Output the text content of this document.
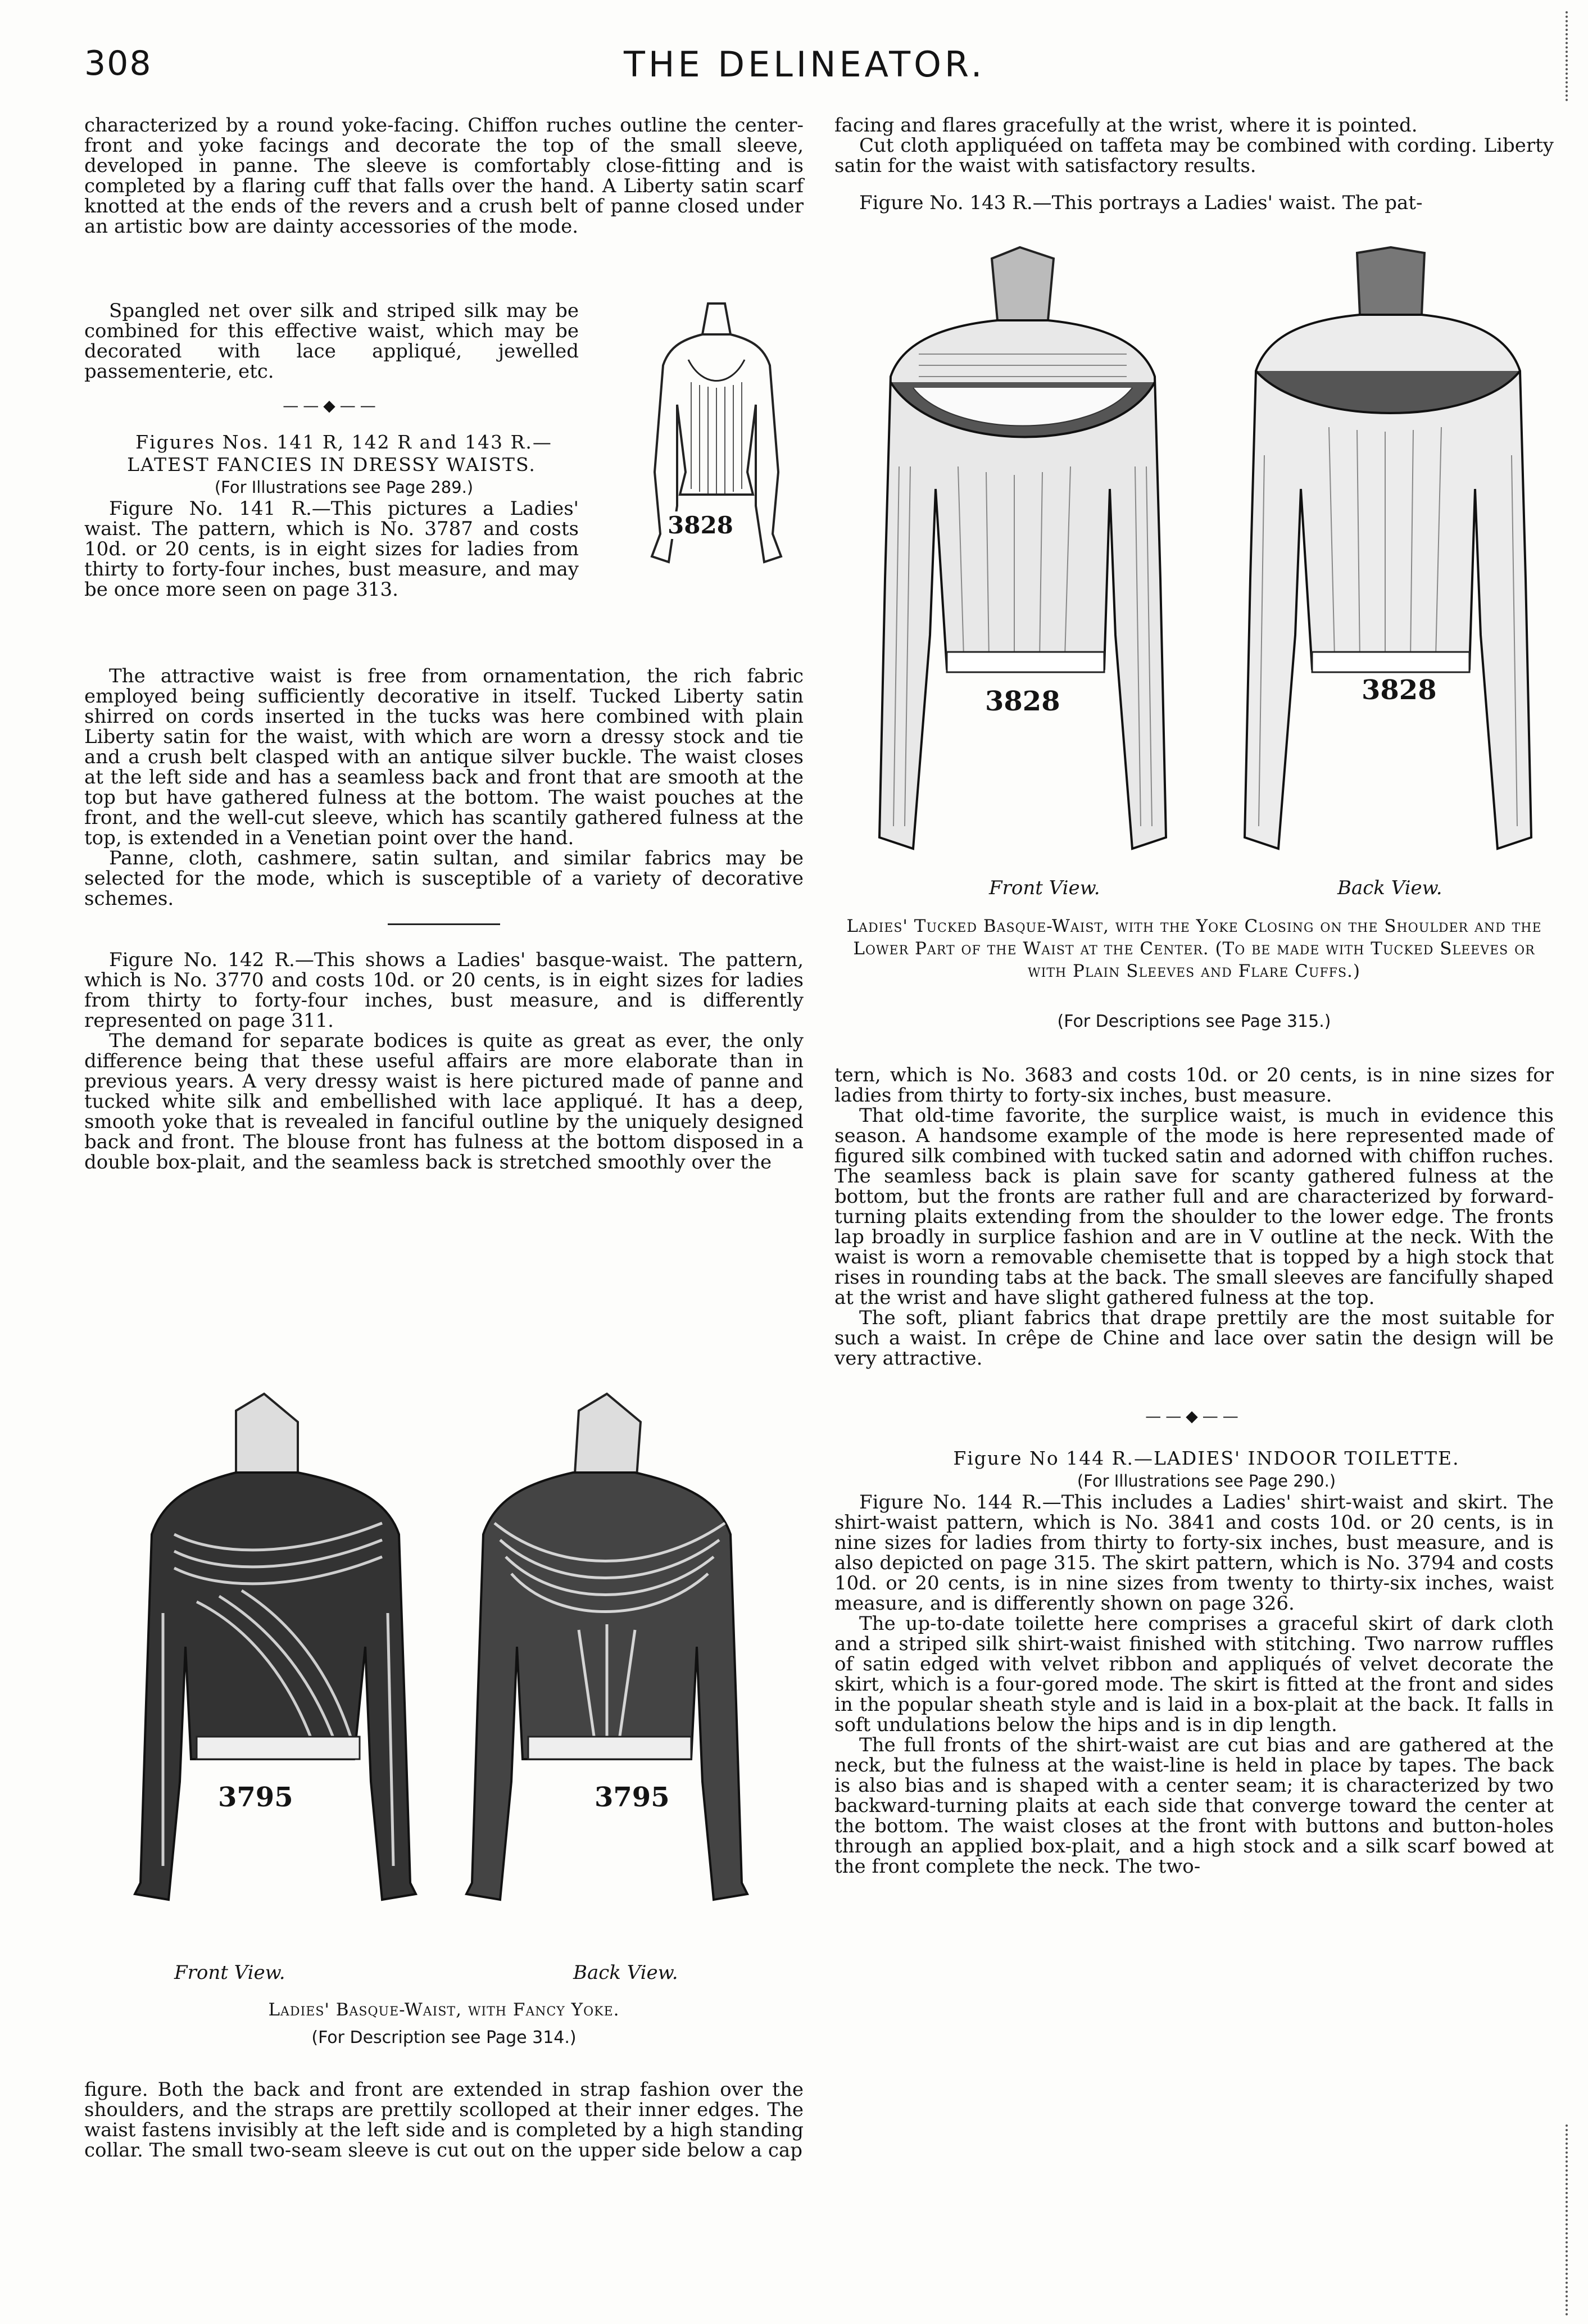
308	THE DELINEATOR.

characterized by a round yoke-facing. Chiffon ruches outline the center-front and yoke facings and decorate the top of the small sleeve, developed in panne. The sleeve is comfortably close-fitting and is completed by a flaring cuff that falls over the hand. A Liberty satin scarf knotted at the ends of the revers and a crush belt of panne closed under an artistic bow are dainty accessories of the mode.

Spangled net over silk and striped silk may be combined for this effective waist, which may be decorated with lace appliqué, jewelled passementerie, etc.

——◆——

Figures Nos. 141 R, 142 R and 143 R.—LATEST FANCIES IN DRESSY WAISTS.

(For Illustrations see Page 289.)

Figure No. 141 R.—This pictures a Ladies' waist. The pattern, which is No. 3787 and costs 10d. or 20 cents, is in eight sizes for ladies from thirty to forty-four inches, bust measure, and may be once more seen on page 313.

3828

The attractive waist is free from ornamentation, the rich fabric employed being sufficiently decorative in itself. Tucked Liberty satin shirred on cords inserted in the tucks was here combined with plain Liberty satin for the waist, with which are worn a dressy stock and tie and a crush belt clasped with an antique silver buckle. The waist closes at the left side and has a seamless back and front that are smooth at the top but have gathered fulness at the bottom. The waist pouches at the front, and the well-cut sleeve, which has scantily gathered fulness at the top, is extended in a Venetian point over the hand.

Panne, cloth, cashmere, satin sultan, and similar fabrics may be selected for the mode, which is susceptible of a variety of decorative schemes.

Figure No. 142 R.—This shows a Ladies' basque-waist. The pattern, which is No. 3770 and costs 10d. or 20 cents, is in eight sizes for ladies from thirty to forty-four inches, bust measure, and is differently represented on page 311.

The demand for separate bodices is quite as great as ever, the only difference being that these useful affairs are more elaborate than in previous years. A very dressy waist is here pictured made of panne and tucked white silk and embellished with lace appliqué. It has a deep, smooth yoke that is revealed in fanciful outline by the uniquely designed back and front. The blouse front has fulness at the bottom disposed in a double box-plait, and the seamless back is stretched smoothly over the

3795	3795
Front View.	Back View.
Ladies' Basque-Waist, with Fancy Yoke.
(For Description see Page 314.)

figure. Both the back and front are extended in strap fashion over the shoulders, and the straps are prettily scolloped at their inner edges. The waist fastens invisibly at the left side and is completed by a high standing collar. The small two-seam sleeve is cut out on the upper side below a cap

facing and flares gracefully at the wrist, where it is pointed.

Cut cloth appliquéed on taffeta may be combined with cording. Liberty satin for the waist with satisfactory results.

Figure No. 143 R.—This portrays a Ladies' waist. The pat-

3828	3828
Front View.	Back View.
Ladies' Tucked Basque-Waist, with the Yoke Closing on the Shoulder and the Lower Part of the Waist at the Center. (To be made with Tucked Sleeves or with Plain Sleeves and Flare Cuffs.)
(For Descriptions see Page 315.)

tern, which is No. 3683 and costs 10d. or 20 cents, is in nine sizes for ladies from thirty to forty-six inches, bust measure.

That old-time favorite, the surplice waist, is much in evidence this season. A handsome example of the mode is here represented made of figured silk combined with tucked satin and adorned with chiffon ruches. The seamless back is plain save for scanty gathered fulness at the bottom, but the fronts are rather full and are characterized by forward-turning plaits extending from the shoulder to the lower edge. The fronts lap broadly in surplice fashion and are in V outline at the neck. With the waist is worn a removable chemisette that is topped by a high stock that rises in rounding tabs at the back. The small sleeves are fancifully shaped at the wrist and have slight gathered fulness at the top.

The soft, pliant fabrics that drape prettily are the most suitable for such a waist. In crêpe de Chine and lace over satin the design will be very attractive.

——◆——

Figure No 144 R.—LADIES' INDOOR TOILETTE.

(For Illustrations see Page 290.)

Figure No. 144 R.—This includes a Ladies' shirt-waist and skirt. The shirt-waist pattern, which is No. 3841 and costs 10d. or 20 cents, is in nine sizes for ladies from thirty to forty-six inches, bust measure, and is also depicted on page 315. The skirt pattern, which is No. 3794 and costs 10d. or 20 cents, is in nine sizes from twenty to thirty-six inches, waist measure, and is differently shown on page 326.

The up-to-date toilette here comprises a graceful skirt of dark cloth and a striped silk shirt-waist finished with stitching. Two narrow ruffles of satin edged with velvet ribbon and appliqués of velvet decorate the skirt, which is a four-gored mode. The skirt is fitted at the front and sides in the popular sheath style and is laid in a box-plait at the back. It falls in soft undulations below the hips and is in dip length.

The full fronts of the shirt-waist are cut bias and are gathered at the neck, but the fulness at the waist-line is held in place by tapes. The back is also bias and is shaped with a center seam; it is characterized by two backward-turning plaits at each side that converge toward the center at the bottom. The waist closes at the front with buttons and button-holes through an applied box-plait, and a high stock and a silk scarf bowed at the front complete the neck. The two-
